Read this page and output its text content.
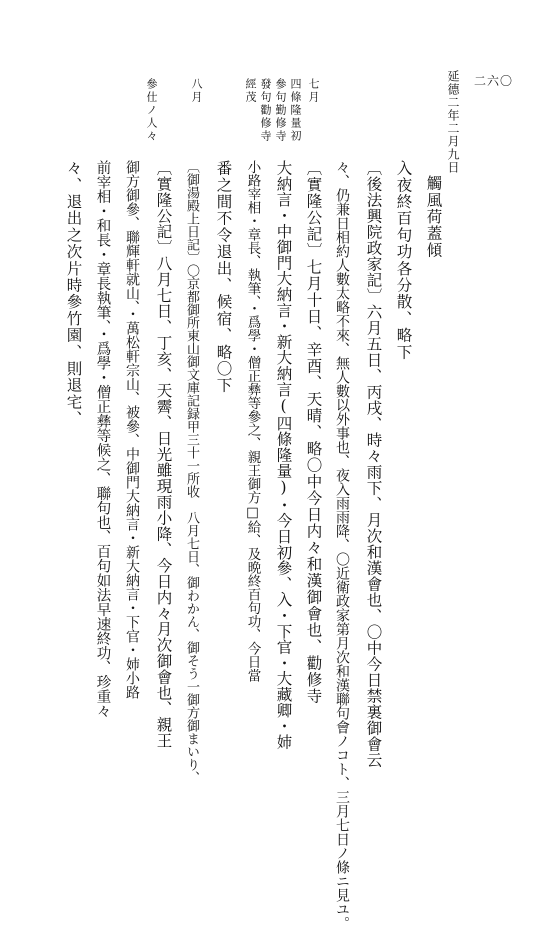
延德二年二月九日 二六〇
七月
四條隆量初
參句勤修寺
發句勸修寺
經茂
八月
參仕ノ人々
觸風荷蓋傾
入夜終百句功各分散、略下
〔後法興院政家記〕六月五日、丙戌、時々雨下、月次和漢會也、〇中今日禁裏御會云
々、仍兼日相約人數太略不來、無人數以外事也、夜入雨雨降、〇近衛政家第月次和漢聯句會ノコト、三月七日ノ條ニ見ユ。
〔實隆公記〕七月十日、辛酉、天晴、略〇中今日内々和漢御會也、勸修寺
大納言・中御門大納言・新大納言(四條隆量)・今日初參、入・下官・大藏卿・姉
小路宰相・章長、執筆、・爲學・僧正彝等參之、親王御方□給、及晩終百句功、今日當
番之間不令退出、候宿、略〇下
〔御湯殿上日記〕〇京都御所東山御文庫記録甲三十一所收　八月七日、御わかん、御そう一御方御まいり、
〔實隆公記〕八月七日、丁亥、天霽、日光雖現雨小降、今日内々月次御會也、親王
御方御參、聯輝軒就山、・萬松軒宗山、被參、中御門大納言・新大納言・下官・姉小路
前宰相・和長・章長執筆、・爲學・僧正彝等候之、聯句也、百句如法早速終功、珍重々
々、退出之次片時參竹園、則退宅、
